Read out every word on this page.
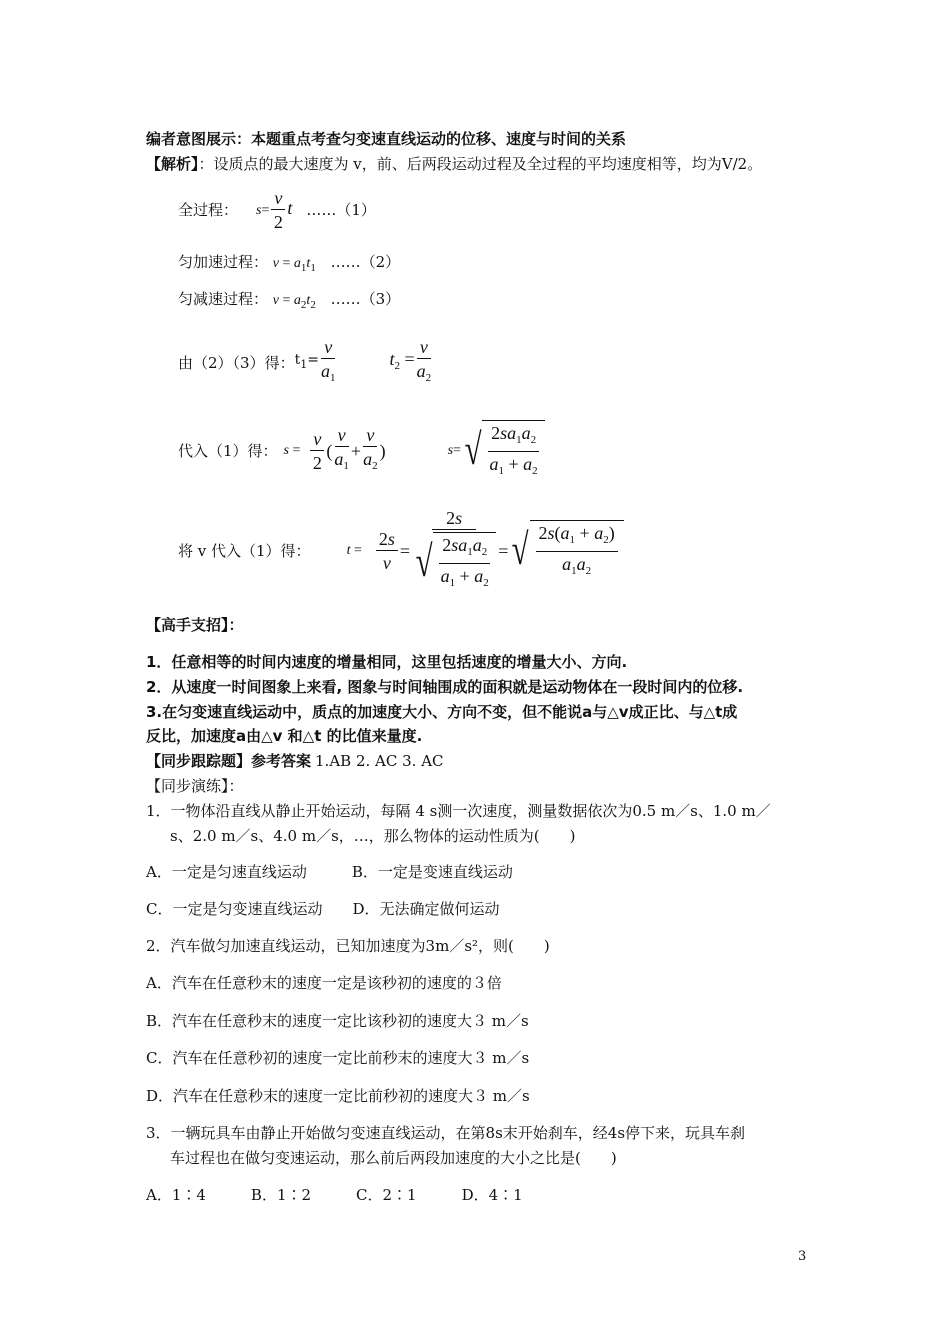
编者意图展示：本题重点考查匀变速直线运动的位移、速度与时间的关系
【解析】：设质点的最大速度为 v，前、后两段运动过程及全过程的平均速度相等，均为V/2。
全过程： $s= \frac{v}{2}$ t ……（1）
匀加速过程： $v = a_1t_1$ ……（2）
匀减速过程： $v = a_2t_2$ ……（3）
由（2）（3）得： $t_1= \frac{v}{a_1}$	$t_2 = \frac{v}{a_2}$
代入（1）得： $s = \frac{v}{2}$ ( $\frac{v}{a_1} + \frac{v}{a_2}$ )	s= √ $\frac{2sa_1a_2}{a_1 + a_2}$
将 v 代入（1）得：	$t = \frac{2s}{v} = \frac{2s}{√ \frac{2sa_1a_2}{a_1 + a_2}}$ = √ $\frac{2s(a_1 + a_2)}{a_1a_2}$
【高手支招】：
1．任意相等的时间内速度的增量相同，这里包括速度的增量大小、方向.
2．从速度一时间图象上来看, 图象与时间轴围成的面积就是运动物体在一段时间内的位移.
3.在匀变速直线运动中，质点的加速度大小、方向不变，但不能说a与△v成正比、与△t成
反比，加速度a由△v 和△t 的比值来量度.
【同步跟踪题】参考答案 1.AB 2. AC 3. AC
【同步演练】：
1．一物体沿直线从静止开始运动，每隔 4 s测一次速度，测量数据依次为0.5 m／s、1.0 m／
s、2.0 m／s、4.0 m／s，…，那么物体的运动性质为(　　)
A．一定是匀速直线运动　　　B．一定是变速直线运动
C．一定是匀变速直线运动　　D．无法确定做何运动
2．汽车做匀加速直线运动，已知加速度为3m／s²，则(　　)
A．汽车在任意秒末的速度一定是该秒初的速度的３倍
B．汽车在任意秒末的速度一定比该秒初的速度大３ m／s
C．汽车在任意秒初的速度一定比前秒末的速度大３ m／s
D．汽车在任意秒末的速度一定比前秒初的速度大３ m／s
3．一辆玩具车由静止开始做匀变速直线运动，在第8s末开始刹车，经4s停下来，玩具车刹
车过程也在做匀变速运动，那么前后两段加速度的大小之比是(　　)
A．1∶4　　　B．1∶2　　　C．2∶1　　　D．4∶1
3
